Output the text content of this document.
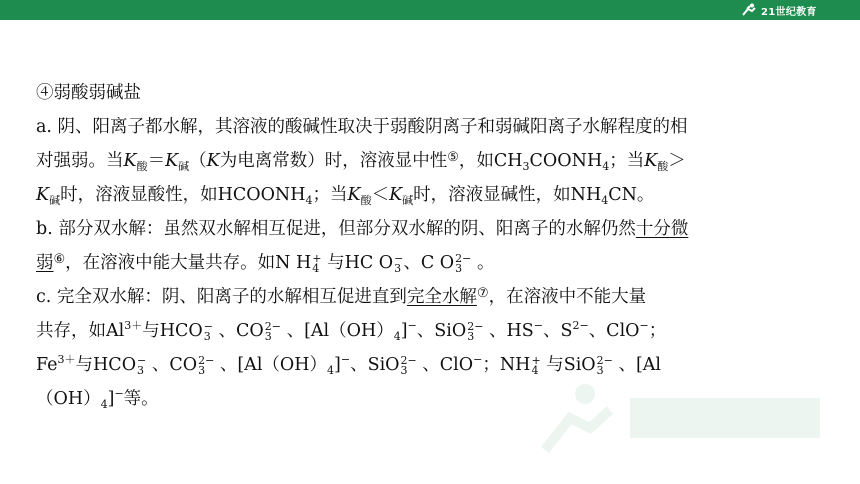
21世纪教育
④弱酸弱碱盐
a. 阴、阳离子都水解，其溶液的酸碱性取决于弱酸阴离子和弱碱阳离子水解程度的相
对强弱。当$K_酸=K_碱(K$为电离常数）时，溶液显中性⑤，如$CH_3COONH_4$；当$K_酸>$
$K_碱$时，溶液显酸性，如$HCOONH_4$；当$K_酸<K_碱$时，溶液显碱性，如$NH_4CN$。
b. 部分双水解：虽然双水解相互促进，但部分双水解的阴、阳离子的水解仍然十分微
弱⑥，在溶液中能大量共存。如N H +
4 与HC O −
3 、C O 2−
3 。
c. 完全双水解：阴、阳离子的水解相互促进直到完全水解⑦，在溶液中不能大量
共存，如$Al^{3+}$与HCO −
3 、CO 2−
3 、$[Al(OH)_4]^-$、SiO 2−
3 、HS−、$S^{2-}$、ClO−；
$Fe^{3+}$与HCO −
3 、CO 2−
3 、$[Al(OH)_4]^-$、SiO 2−
3 、ClO−；NH +
4 与SiO 2−
3 、[Al
$(OH)_4]^-$等。
